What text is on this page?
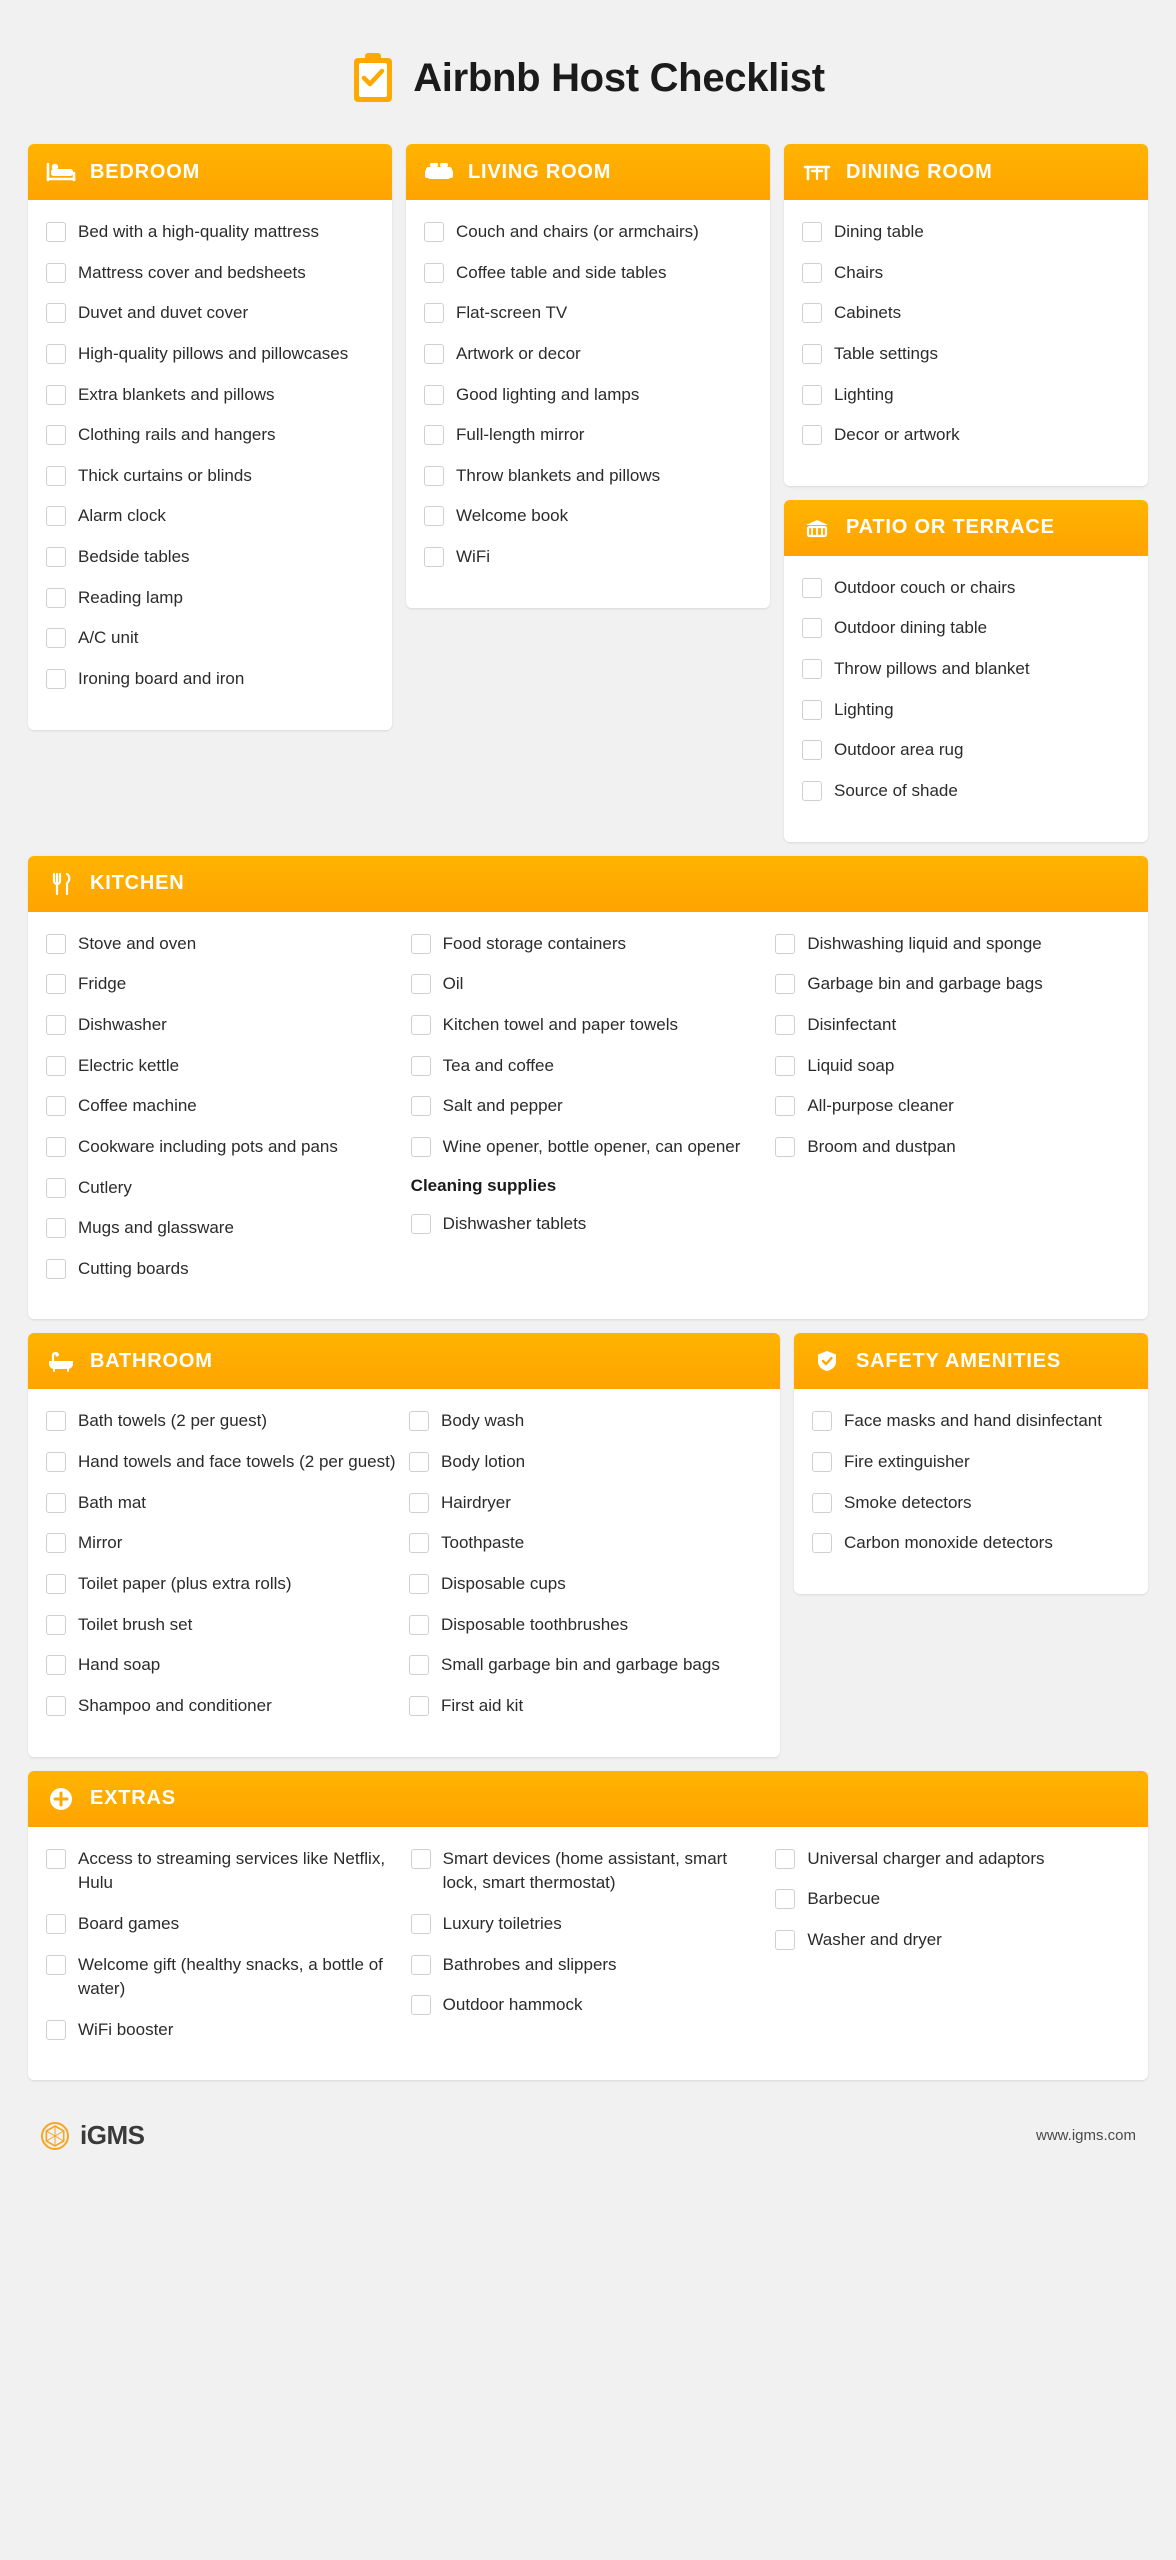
Airbnb Host Checklist
BEDROOM
Bed with a high-quality mattress
Mattress cover and bedsheets
Duvet and duvet cover
High-quality pillows and pillowcases
Extra blankets and pillows
Clothing rails and hangers
Thick curtains or blinds
Alarm clock
Bedside tables
Reading lamp
A/C unit
Ironing board and iron
LIVING ROOM
Couch and chairs (or armchairs)
Coffee table and side tables
Flat-screen TV
Artwork or decor
Good lighting and lamps
Full-length mirror
Throw blankets and pillows
Welcome book
WiFi
DINING ROOM
Dining table
Chairs
Cabinets
Table settings
Lighting
Decor or artwork
PATIO OR TERRACE
Outdoor couch or chairs
Outdoor dining table
Throw pillows and blanket
Lighting
Outdoor area rug
Source of shade
KITCHEN
Stove and oven
Fridge
Dishwasher
Electric kettle
Coffee machine
Cookware including pots and pans
Cutlery
Mugs and glassware
Cutting boards
Food storage containers
Oil
Kitchen towel and paper towels
Tea and coffee
Salt and pepper
Wine opener, bottle opener, can opener
Cleaning supplies
Dishwasher tablets
Dishwashing liquid and sponge
Garbage bin and garbage bags
Disinfectant
Liquid soap
All-purpose cleaner
Broom and dustpan
BATHROOM
Bath towels (2 per guest)
Hand towels and face towels (2 per guest)
Bath mat
Mirror
Toilet paper (plus extra rolls)
Toilet brush set
Hand soap
Shampoo and conditioner
Body wash
Body lotion
Hairdryer
Toothpaste
Disposable cups
Disposable toothbrushes
Small garbage bin and garbage bags
First aid kit
SAFETY AMENITIES
Face masks and hand disinfectant
Fire extinguisher
Smoke detectors
Carbon monoxide detectors
EXTRAS
Access to streaming services like Netflix, Hulu
Board games
Welcome gift (healthy snacks, a bottle of water)
WiFi booster
Smart devices (home assistant, smart lock, smart thermostat)
Luxury toiletries
Bathrobes and slippers
Outdoor hammock
Universal charger and adaptors
Barbecue
Washer and dryer
iGMS	www.igms.com
